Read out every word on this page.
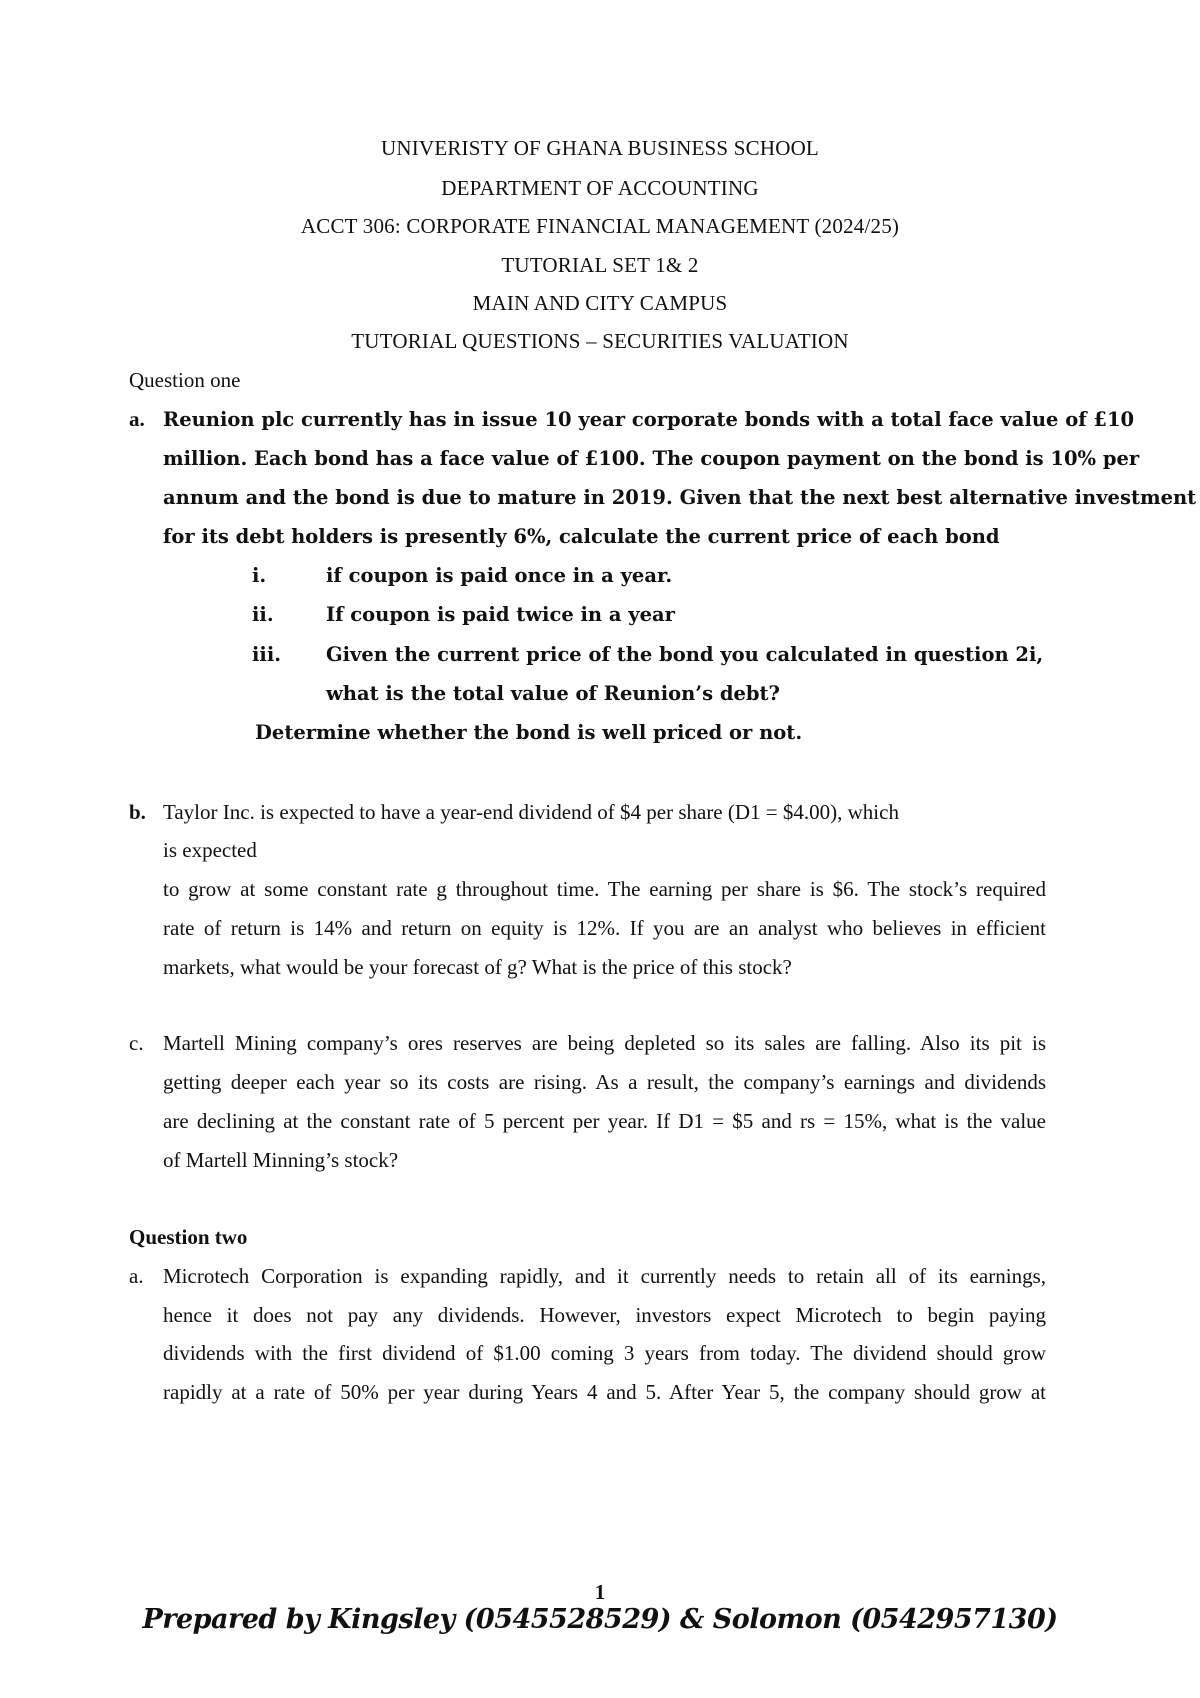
UNIVERISTY OF GHANA BUSINESS SCHOOL
DEPARTMENT OF ACCOUNTING
ACCT 306: CORPORATE FINANCIAL MANAGEMENT (2024/25)
TUTORIAL SET 1& 2
MAIN AND CITY CAMPUS
TUTORIAL QUESTIONS – SECURITIES VALUATION
Question one
a. Reunion plc currently has in issue 10 year corporate bonds with a total face value of £10
million. Each bond has a face value of £100. The coupon payment on the bond is 10% per
annum and the bond is due to mature in 2019. Given that the next best alternative investment
for its debt holders is presently 6%, calculate the current price of each bond
i.	if coupon is paid once in a year.
ii.	If coupon is paid twice in a year
iii. Given the current price of the bond you calculated in question 2i,
what is the total value of Reunion’s debt?
Determine whether the bond is well priced or not.
b. Taylor Inc. is expected to have a year-end dividend of $4 per share (D1 = $4.00), which
is expected
to grow at some constant rate g throughout time. The earning per share is $6. The stock’s required
rate of return is 14% and return on equity is 12%. If you are an analyst who believes in efficient
markets, what would be your forecast of g? What is the price of this stock?
c. Martell Mining company’s ores reserves are being depleted so its sales are falling. Also its pit is
getting deeper each year so its costs are rising. As a result, the company’s earnings and dividends
are declining at the constant rate of 5 percent per year. If D1 = $5 and rs = 15%, what is the value
of Martell Minning’s stock?
Question two
a. Microtech Corporation is expanding rapidly, and it currently needs to retain all of its earnings,
hence it does not pay any dividends. However, investors expect Microtech to begin paying
dividends with the first dividend of $1.00 coming 3 years from today. The dividend should grow
rapidly at a rate of 50% per year during Years 4 and 5. After Year 5, the company should grow at
1
Prepared by Kingsley (0545528529) & Solomon (0542957130)
